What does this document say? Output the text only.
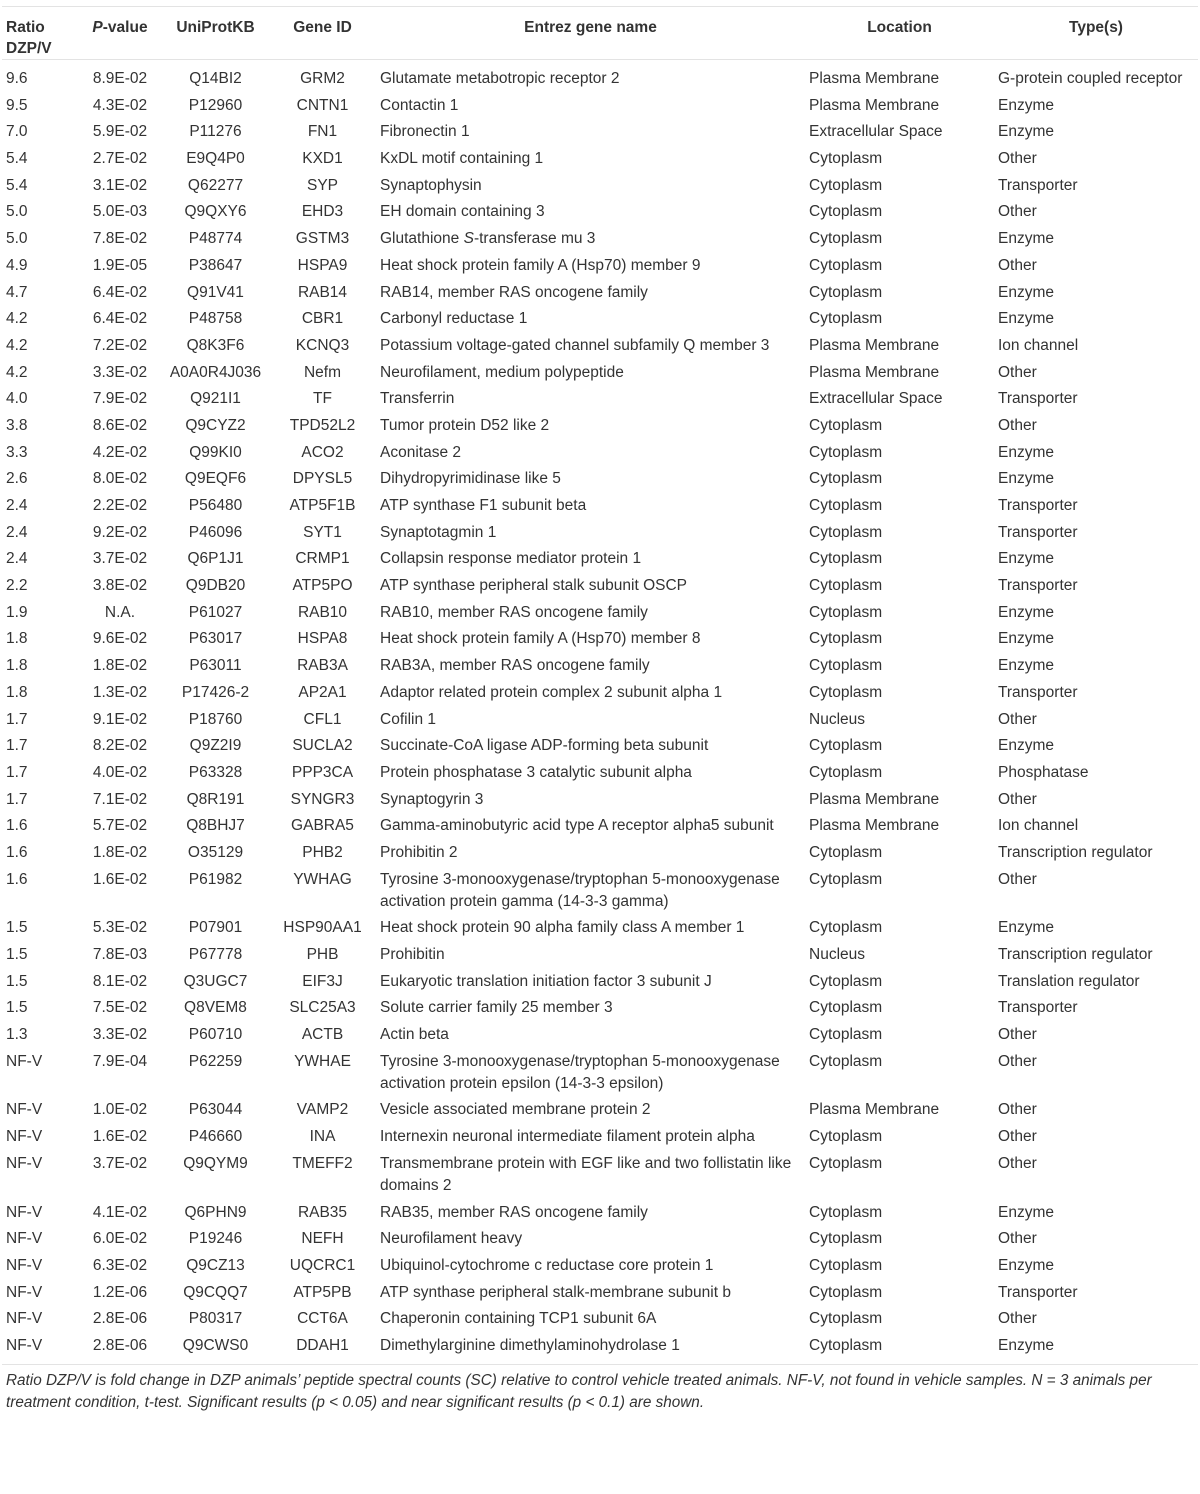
Ratio
DZP/V	P-value	UniProtKB	Gene ID	Entrez gene name	Location	Type(s)
9.6	8.9E-02	Q14BI2	GRM2	Glutamate metabotropic receptor 2	Plasma Membrane	G-protein coupled receptor
9.5	4.3E-02	P12960	CNTN1	Contactin 1	Plasma Membrane	Enzyme
7.0	5.9E-02	P11276	FN1	Fibronectin 1	Extracellular Space	Enzyme
5.4	2.7E-02	E9Q4P0	KXD1	KxDL motif containing 1	Cytoplasm	Other
5.4	3.1E-02	Q62277	SYP	Synaptophysin	Cytoplasm	Transporter
5.0	5.0E-03	Q9QXY6	EHD3	EH domain containing 3	Cytoplasm	Other
5.0	7.8E-02	P48774	GSTM3	Glutathione S-transferase mu 3	Cytoplasm	Enzyme
4.9	1.9E-05	P38647	HSPA9	Heat shock protein family A (Hsp70) member 9	Cytoplasm	Other
4.7	6.4E-02	Q91V41	RAB14	RAB14, member RAS oncogene family	Cytoplasm	Enzyme
4.2	6.4E-02	P48758	CBR1	Carbonyl reductase 1	Cytoplasm	Enzyme
4.2	7.2E-02	Q8K3F6	KCNQ3	Potassium voltage-gated channel subfamily Q member 3	Plasma Membrane	Ion channel
4.2	3.3E-02	A0A0R4J036	Nefm	Neurofilament, medium polypeptide	Plasma Membrane	Other
4.0	7.9E-02	Q921I1	TF	Transferrin	Extracellular Space	Transporter
3.8	8.6E-02	Q9CYZ2	TPD52L2	Tumor protein D52 like 2	Cytoplasm	Other
3.3	4.2E-02	Q99KI0	ACO2	Aconitase 2	Cytoplasm	Enzyme
2.6	8.0E-02	Q9EQF6	DPYSL5	Dihydropyrimidinase like 5	Cytoplasm	Enzyme
2.4	2.2E-02	P56480	ATP5F1B	ATP synthase F1 subunit beta	Cytoplasm	Transporter
2.4	9.2E-02	P46096	SYT1	Synaptotagmin 1	Cytoplasm	Transporter
2.4	3.7E-02	Q6P1J1	CRMP1	Collapsin response mediator protein 1	Cytoplasm	Enzyme
2.2	3.8E-02	Q9DB20	ATP5PO	ATP synthase peripheral stalk subunit OSCP	Cytoplasm	Transporter
1.9	N.A.	P61027	RAB10	RAB10, member RAS oncogene family	Cytoplasm	Enzyme
1.8	9.6E-02	P63017	HSPA8	Heat shock protein family A (Hsp70) member 8	Cytoplasm	Enzyme
1.8	1.8E-02	P63011	RAB3A	RAB3A, member RAS oncogene family	Cytoplasm	Enzyme
1.8	1.3E-02	P17426-2	AP2A1	Adaptor related protein complex 2 subunit alpha 1	Cytoplasm	Transporter
1.7	9.1E-02	P18760	CFL1	Cofilin 1	Nucleus	Other
1.7	8.2E-02	Q9Z2I9	SUCLA2	Succinate-CoA ligase ADP-forming beta subunit	Cytoplasm	Enzyme
1.7	4.0E-02	P63328	PPP3CA	Protein phosphatase 3 catalytic subunit alpha	Cytoplasm	Phosphatase
1.7	7.1E-02	Q8R191	SYNGR3	Synaptogyrin 3	Plasma Membrane	Other
1.6	5.7E-02	Q8BHJ7	GABRA5	Gamma-aminobutyric acid type A receptor alpha5 subunit	Plasma Membrane	Ion channel
1.6	1.8E-02	O35129	PHB2	Prohibitin 2	Cytoplasm	Transcription regulator
1.6	1.6E-02	P61982	YWHAG	Tyrosine 3-monooxygenase/tryptophan 5-monooxygenase activation protein gamma (14-3-3 gamma)	Cytoplasm	Other
1.5	5.3E-02	P07901	HSP90AA1	Heat shock protein 90 alpha family class A member 1	Cytoplasm	Enzyme
1.5	7.8E-03	P67778	PHB	Prohibitin	Nucleus	Transcription regulator
1.5	8.1E-02	Q3UGC7	EIF3J	Eukaryotic translation initiation factor 3 subunit J	Cytoplasm	Translation regulator
1.5	7.5E-02	Q8VEM8	SLC25A3	Solute carrier family 25 member 3	Cytoplasm	Transporter
1.3	3.3E-02	P60710	ACTB	Actin beta	Cytoplasm	Other
NF-V	7.9E-04	P62259	YWHAE	Tyrosine 3-monooxygenase/tryptophan 5-monooxygenase activation protein epsilon (14-3-3 epsilon)	Cytoplasm	Other
NF-V	1.0E-02	P63044	VAMP2	Vesicle associated membrane protein 2	Plasma Membrane	Other
NF-V	1.6E-02	P46660	INA	Internexin neuronal intermediate filament protein alpha	Cytoplasm	Other
NF-V	3.7E-02	Q9QYM9	TMEFF2	Transmembrane protein with EGF like and two follistatin like domains 2	Cytoplasm	Other
NF-V	4.1E-02	Q6PHN9	RAB35	RAB35, member RAS oncogene family	Cytoplasm	Enzyme
NF-V	6.0E-02	P19246	NEFH	Neurofilament heavy	Cytoplasm	Other
NF-V	6.3E-02	Q9CZ13	UQCRC1	Ubiquinol-cytochrome c reductase core protein 1	Cytoplasm	Enzyme
NF-V	1.2E-06	Q9CQQ7	ATP5PB	ATP synthase peripheral stalk-membrane subunit b	Cytoplasm	Transporter
NF-V	2.8E-06	P80317	CCT6A	Chaperonin containing TCP1 subunit 6A	Cytoplasm	Other
NF-V	2.8E-06	Q9CWS0	DDAH1	Dimethylarginine dimethylaminohydrolase 1	Cytoplasm	Enzyme
Ratio DZP/V is fold change in DZP animals’ peptide spectral counts (SC) relative to control vehicle treated animals. NF-V, not found in vehicle samples. N = 3 animals per treatment condition, t-test. Significant results (p < 0.05) and near significant results (p < 0.1) are shown.
